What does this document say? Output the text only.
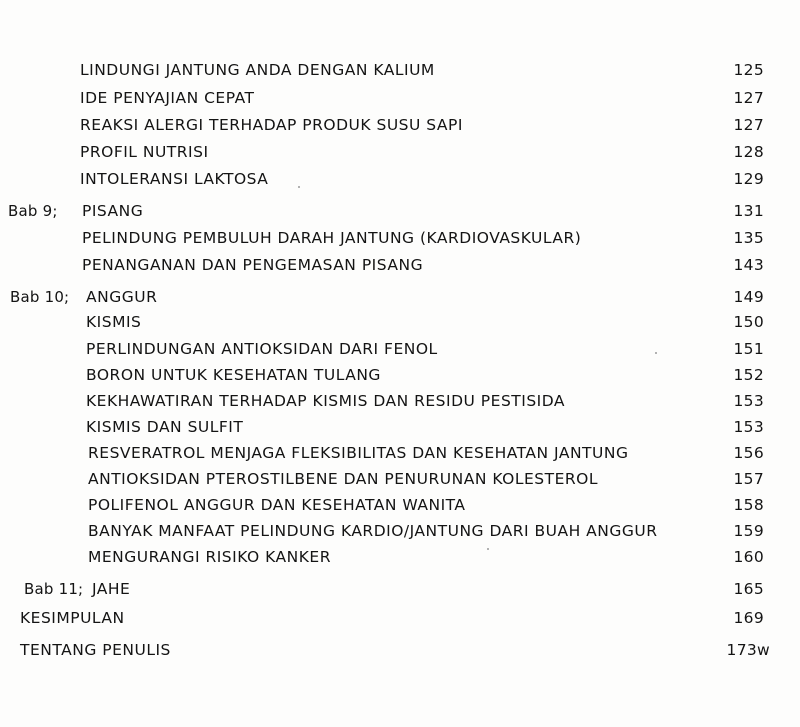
LINDUNGI JANTUNG ANDA DENGAN KALIUM	125
IDE PENYAJIAN CEPAT	127
REAKSI ALERGI TERHADAP PRODUK SUSU SAPI	127
PROFIL NUTRISI	128
INTOLERANSI LAKTOSA	129
Bab 9; PISANG	131
PELINDUNG PEMBULUH DARAH JANTUNG (KARDIOVASKULAR)	135
PENANGANAN DAN PENGEMASAN PISANG	143
Bab 10; ANGGUR	149
KISMIS	150
PERLINDUNGAN ANTIOKSIDAN DARI FENOL	151
BORON UNTUK KESEHATAN TULANG	152
KEKHAWATIRAN TERHADAP KISMIS DAN RESIDU PESTISIDA	153
KISMIS DAN SULFIT	153
RESVERATROL MENJAGA FLEKSIBILITAS DAN KESEHATAN JANTUNG	156
ANTIOKSIDAN PTEROSTILBENE DAN PENURUNAN KOLESTEROL	157
POLIFENOL ANGGUR DAN KESEHATAN WANITA	158
BANYAK MANFAAT PELINDUNG KARDIO/JANTUNG DARI BUAH ANGGUR	159
MENGURANGI RISIKO KANKER	160
Bab 11; JAHE	165
KESIMPULAN	169
TENTANG PENULIS	173w
